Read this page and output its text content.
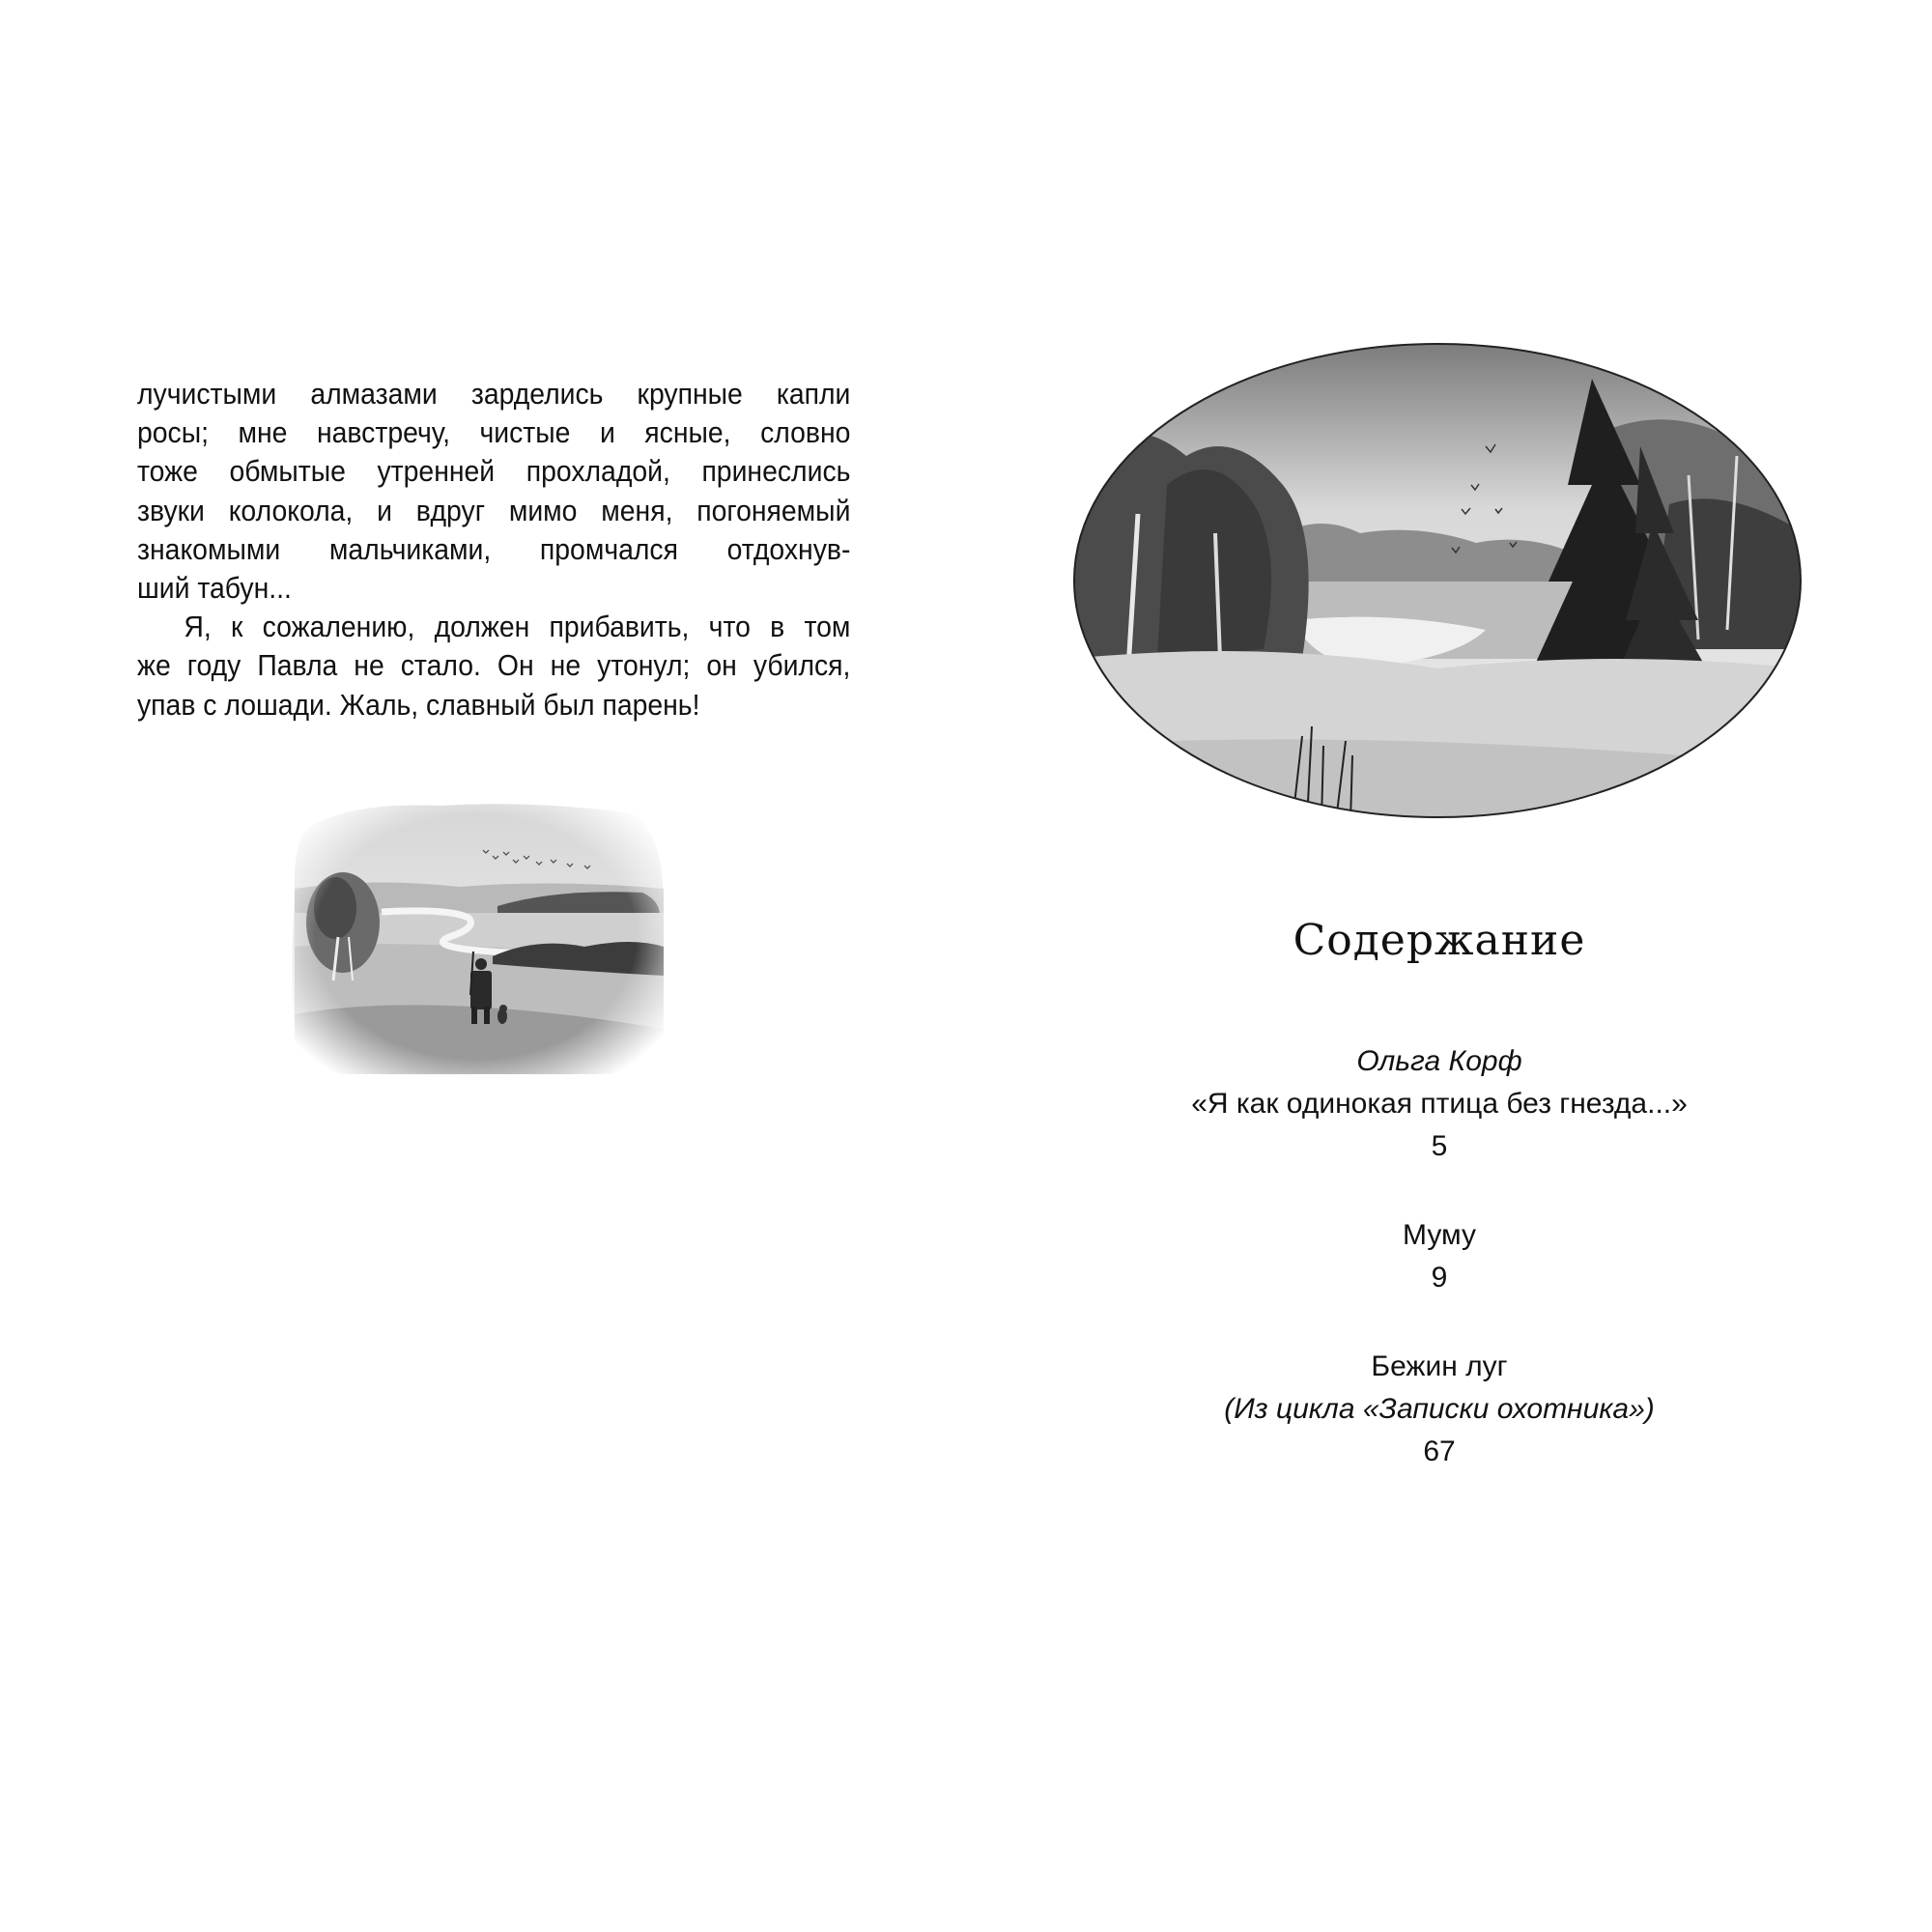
лучистыми алмазами зарделись крупные капли
росы; мне навстречу, чистые и ясные, словно
тоже обмытые утренней прохладой, принеслись
звуки колокола, и вдруг мимо меня, погоняемый
знакомыми мальчиками, промчался отдохнув-
ший табун...

Я, к сожалению, должен прибавить, что в том
же году Павла не стало. Он не утонул; он убился,
упав с лошади. Жаль, славный был парень!

Содержание
Ольга Корф
«Я как одинокая птица без гнезда...»
5
Муму
9
Бежин луг
(Из цикла «Записки охотника»)
67
